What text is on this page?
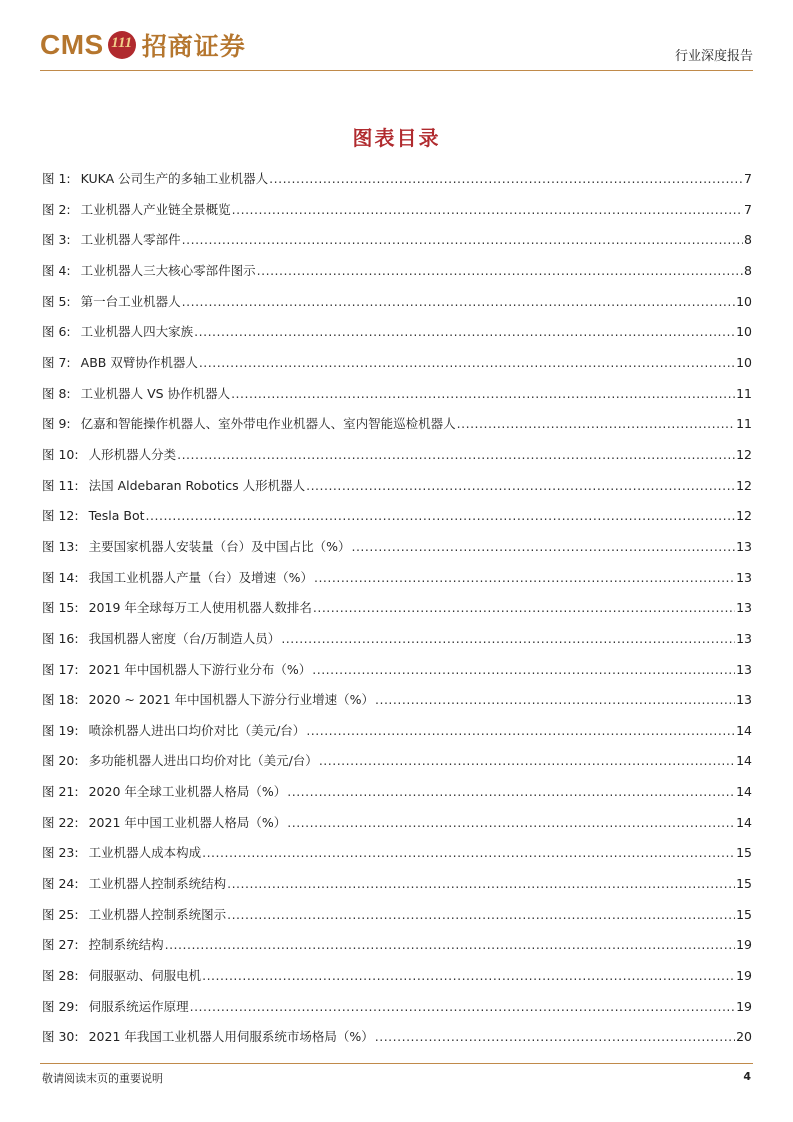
CMS 111 招商证券	行业深度报告
图表目录
图 1: KUKA 公司生产的多轴工业机器人 .....	7
图 2: 工业机器人产业链全景概览 .....	7
图 3: 工业机器人零部件 .....	8
图 4: 工业机器人三大核心零部件图示 .....	8
图 5: 第一台工业机器人 .....	10
图 6: 工业机器人四大家族 .....	10
图 7: ABB 双臂协作机器人 .....	10
图 8: 工业机器人 VS 协作机器人 .....	11
图 9: 亿嘉和智能操作机器人、室外带电作业机器人、室内智能巡检机器人 .....	11
图 10: 人形机器人分类 .....	12
图 11: 法国 Aldebaran Robotics 人形机器人 .....	12
图 12: Tesla Bot .....	12
图 13: 主要国家机器人安装量（台）及中国占比（%） .....	13
图 14: 我国工业机器人产量（台）及增速（%） .....	13
图 15: 2019 年全球每万工人使用机器人数排名 .....	13
图 16: 我国机器人密度（台/万制造人员） .....	13
图 17: 2021 年中国机器人下游行业分布（%） .....	13
图 18: 2020 ~ 2021 年中国机器人下游分行业增速（%） .....	13
图 19: 喷涂机器人进出口均价对比（美元/台） .....	14
图 20: 多功能机器人进出口均价对比（美元/台） .....	14
图 21: 2020 年全球工业机器人格局（%） .....	14
图 22: 2021 年中国工业机器人格局（%） .....	14
图 23: 工业机器人成本构成 .....	15
图 24: 工业机器人控制系统结构 .....	15
图 25: 工业机器人控制系统图示 .....	15
图 27: 控制系统结构 .....	19
图 28: 伺服驱动、伺服电机 .....	19
图 29: 伺服系统运作原理 .....	19
图 30: 2021 年我国工业机器人用伺服系统市场格局（%） .....	20
敬请阅读末页的重要说明	4
